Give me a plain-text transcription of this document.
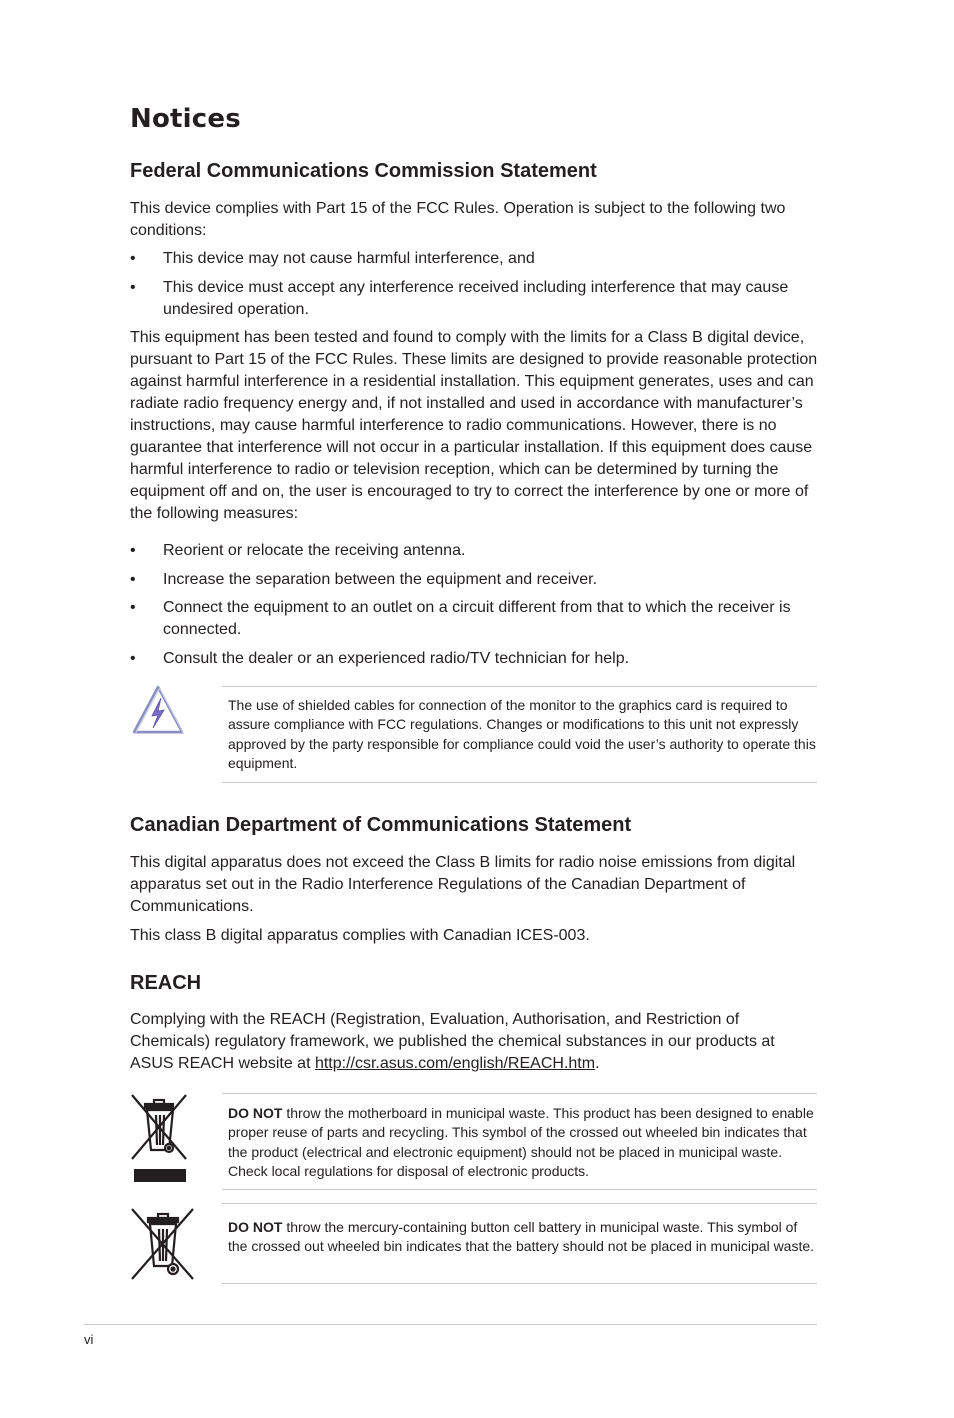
Notices
Federal Communications Commission Statement

This device complies with Part 15 of the FCC Rules. Operation is subject to the following two conditions:

• This device may not cause harmful interference, and
• This device must accept any interference received including interference that may cause undesired operation.

This equipment has been tested and found to comply with the limits for a Class B digital device, pursuant to Part 15 of the FCC Rules. These limits are designed to provide reasonable protection against harmful interference in a residential installation. This equipment generates, uses and can radiate radio frequency energy and, if not installed and used in accordance with manufacturer’s instructions, may cause harmful interference to radio communications. However, there is no guarantee that interference will not occur in a particular installation. If this equipment does cause harmful interference to radio or television reception, which can be determined by turning the equipment off and on, the user is encouraged to try to correct the interference by one or more of the following measures:

• Reorient or relocate the receiving antenna.
• Increase the separation between the equipment and receiver.
• Connect the equipment to an outlet on a circuit different from that to which the receiver is connected.
• Consult the dealer or an experienced radio/TV technician for help.

The use of shielded cables for connection of the monitor to the graphics card is required to assure compliance with FCC regulations. Changes or modifications to this unit not expressly approved by the party responsible for compliance could void the user’s authority to operate this equipment.

Canadian Department of Communications Statement

This digital apparatus does not exceed the Class B limits for radio noise emissions from digital apparatus set out in the Radio Interference Regulations of the Canadian Department of Communications.

This class B digital apparatus complies with Canadian ICES-003.

REACH

Complying with the REACH (Registration, Evaluation, Authorisation, and Restriction of Chemicals) regulatory framework, we published the chemical substances in our products at ASUS REACH website at http://csr.asus.com/english/REACH.htm.

DO NOT throw the motherboard in municipal waste. This product has been designed to enable proper reuse of parts and recycling. This symbol of the crossed out wheeled bin indicates that the product (electrical and electronic equipment) should not be placed in municipal waste. Check local regulations for disposal of electronic products.

DO NOT throw the mercury-containing button cell battery in municipal waste. This symbol of the crossed out wheeled bin indicates that the battery should not be placed in municipal waste.

vi
